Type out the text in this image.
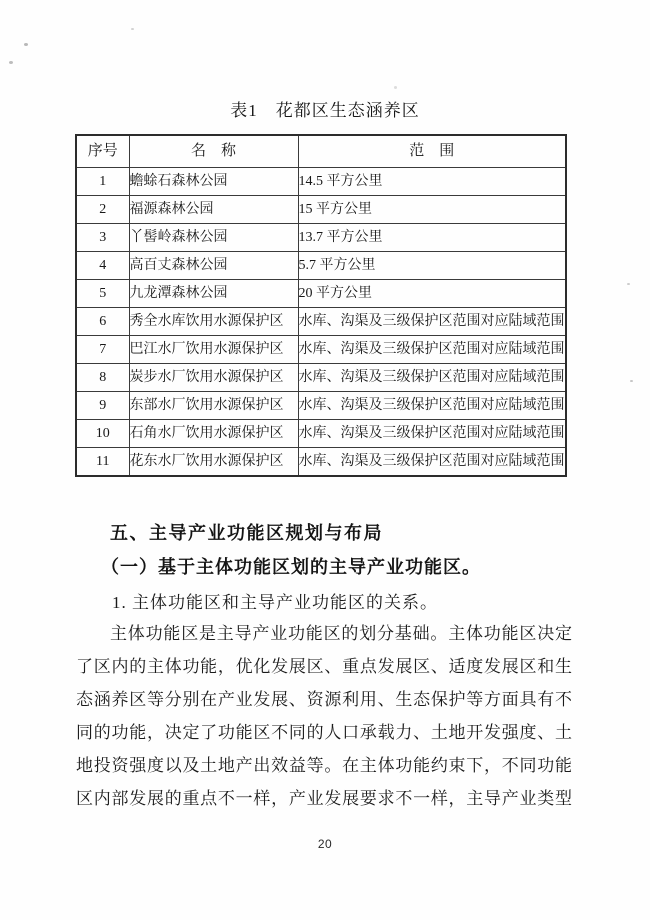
表1　花都区生态涵养区
序号	名　称	范　围
1	蟾蜍石森林公园	14.5 平方公里
2	福源森林公园	15 平方公里
3	丫髻岭森林公园	13.7 平方公里
4	高百丈森林公园	5.7 平方公里
5	九龙潭森林公园	20 平方公里
6	秀全水库饮用水源保护区	水库、沟渠及三级保护区范围对应陆域范围
7	巴江水厂饮用水源保护区	水库、沟渠及三级保护区范围对应陆域范围
8	炭步水厂饮用水源保护区	水库、沟渠及三级保护区范围对应陆域范围
9	东部水厂饮用水源保护区	水库、沟渠及三级保护区范围对应陆域范围
10	石角水厂饮用水源保护区	水库、沟渠及三级保护区范围对应陆域范围
11	花东水厂饮用水源保护区	水库、沟渠及三级保护区范围对应陆域范围
五、主导产业功能区规划与布局
（一）基于主体功能区划的主导产业功能区。
1. 主体功能区和主导产业功能区的关系。
主体功能区是主导产业功能区的划分基础。主体功能区决定
了区内的主体功能，优化发展区、重点发展区、适度发展区和生
态涵养区等分别在产业发展、资源利用、生态保护等方面具有不
同的功能，决定了功能区不同的人口承载力、土地开发强度、土
地投资强度以及土地产出效益等。在主体功能约束下，不同功能
区内部发展的重点不一样，产业发展要求不一样，主导产业类型
20
